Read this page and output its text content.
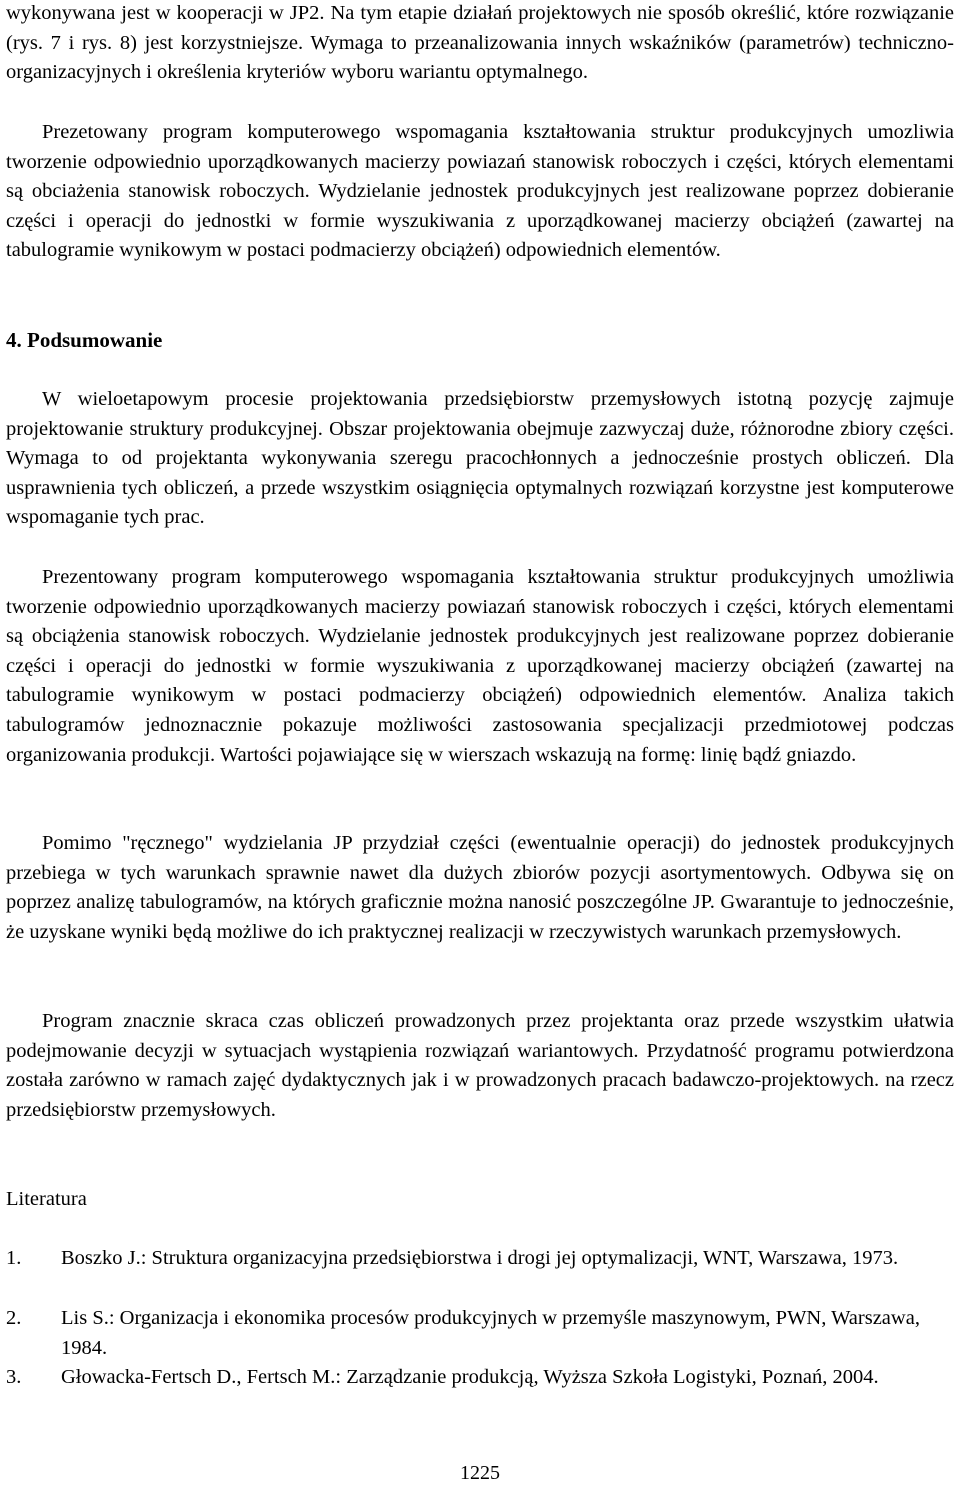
wykonywana jest w kooperacji w JP2. Na tym etapie działań projektowych nie sposób określić, które rozwiązanie (rys. 7 i rys. 8) jest korzystniejsze. Wymaga to przeanalizowania innych wskaźników (parametrów) techniczno-organizacyjnych i określenia kryteriów wyboru wariantu optymalnego.

Prezetowany program komputerowego wspomagania kształtowania struktur produkcyjnych umozliwia tworzenie odpowiednio uporządkowanych macierzy powiazań stanowisk roboczych i części, których elementami są obciażenia stanowisk roboczych. Wydzielanie jednostek produkcyjnych jest realizowane poprzez dobieranie części i operacji do jednostki w formie wyszukiwania z uporządkowanej macierzy obciążeń (zawartej na tabulogramie wynikowym w postaci podmacierzy obciążeń) odpowiednich elementów.

4. Podsumowanie

W wieloetapowym procesie projektowania przedsiębiorstw przemysłowych istotną pozycję zajmuje projektowanie struktury produkcyjnej. Obszar projektowania obejmuje zazwyczaj duże, różnorodne zbiory części. Wymaga to od projektanta wykonywania szeregu pracochłonnych a jednocześnie prostych obliczeń. Dla usprawnienia tych obliczeń, a przede wszystkim osiągnięcia optymalnych rozwiązań korzystne jest komputerowe wspomaganie tych prac.

Prezentowany program komputerowego wspomagania kształtowania struktur produkcyjnych umożliwia tworzenie odpowiednio uporządkowanych macierzy powiazań stanowisk roboczych i części, których elementami są obciążenia stanowisk roboczych. Wydzielanie jednostek produkcyjnych jest realizowane poprzez dobieranie części i operacji do jednostki w formie wyszukiwania z uporządkowanej macierzy obciążeń (zawartej na tabulogramie wynikowym w postaci podmacierzy obciążeń) odpowiednich elementów. Analiza takich tabulogramów jednoznacznie pokazuje możliwości zastosowania specjalizacji przedmiotowej podczas organizowania produkcji. Wartości pojawiające się w wierszach wskazują na formę: linię bądź gniazdo.

Pomimo "ręcznego" wydzielania JP przydział części (ewentualnie operacji) do jednostek produkcyjnych przebiega w tych warunkach sprawnie nawet dla dużych zbiorów pozycji asortymentowych. Odbywa się on poprzez analizę tabulogramów, na których graficznie można nanosić poszczególne JP. Gwarantuje to jednocześnie, że uzyskane wyniki będą możliwe do ich praktycznej realizacji w rzeczywistych warunkach przemysłowych.

Program znacznie skraca czas obliczeń prowadzonych przez projektanta oraz przede wszystkim ułatwia podejmowanie decyzji w sytuacjach wystąpienia rozwiązań wariantowych. Przydatność programu potwierdzona została zarówno w ramach zajęć dydaktycznych jak i w prowadzonych pracach badawczo-projektowych. na rzecz przedsiębiorstw przemysłowych.

Literatura
1.	Boszko J.: Struktura organizacyjna przedsiębiorstwa i drogi jej optymalizacji, WNT, Warszawa, 1973.
2.	Lis S.: Organizacja i ekonomika procesów produkcyjnych w przemyśle maszynowym, PWN, Warszawa, 1984.
3.	Głowacka-Fertsch D., Fertsch M.: Zarządzanie produkcją, Wyższa Szkoła Logistyki, Poznań, 2004.
1225
